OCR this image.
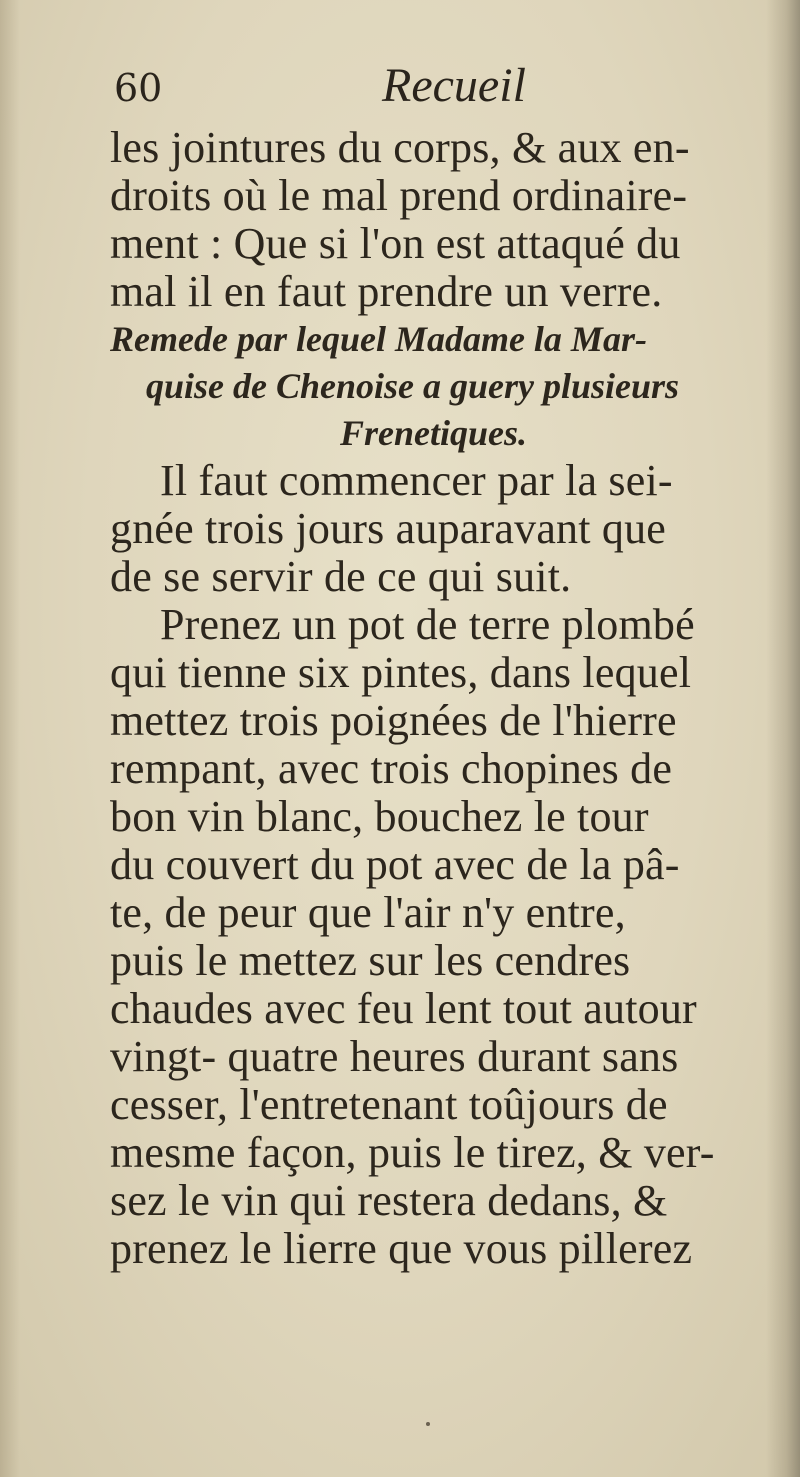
60	Recueil
les jointures du corps, & aux en-
droits où le mal prend ordinaire-
ment : Que si l'on est attaqué du
mal il en faut prendre un verre.
Remede par lequel Madame la Mar-
quise de Chenoise a guery plusieurs
Frenetiques.
Il faut commencer par la sei-
gnée trois jours auparavant que
de se servir de ce qui suit.
Prenez un pot de terre plombé
qui tienne six pintes, dans lequel
mettez trois poignées de l'hierre
rempant, avec trois chopines de
bon vin blanc, bouchez le tour
du couvert du pot avec de la pâ-
te, de peur que l'air n'y entre,
puis le mettez sur les cendres
chaudes avec feu lent tout autour
vingt- quatre heures durant sans
cesser, l'entretenant toûjours de
mesme façon, puis le tirez, & ver-
sez le vin qui restera dedans, &
prenez le lierre que vous pillerez
